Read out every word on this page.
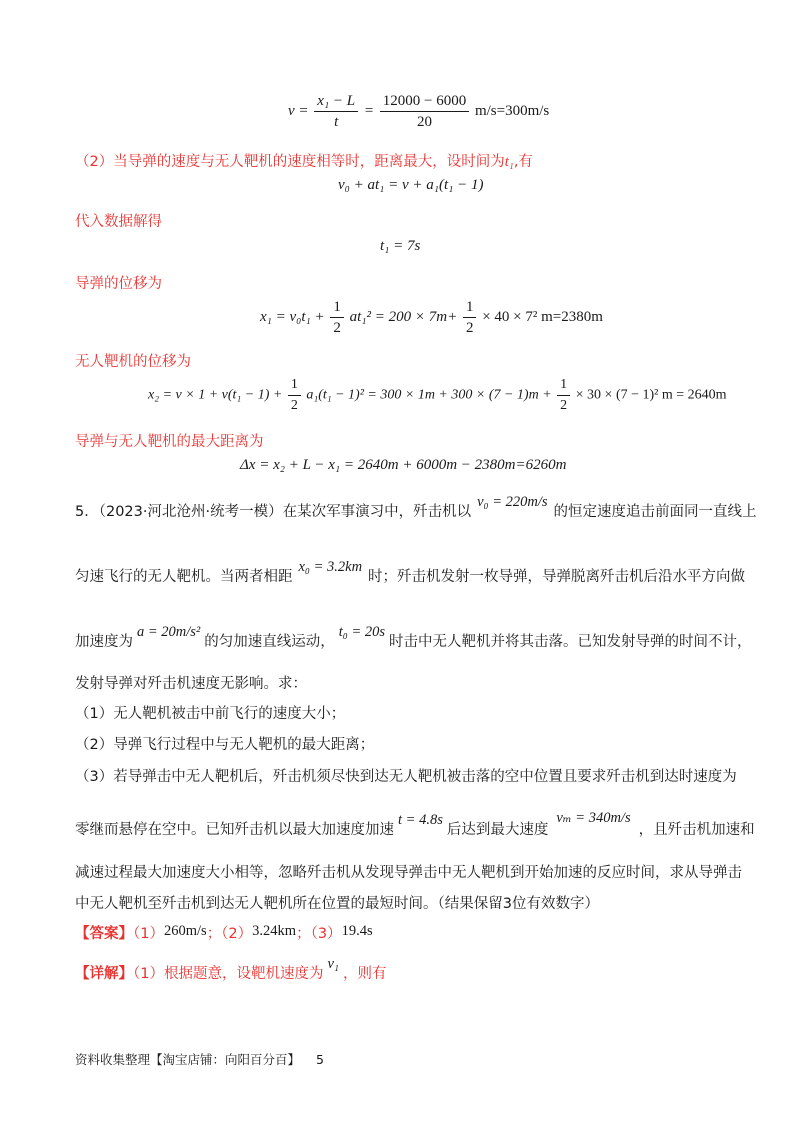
$v = \frac{\text{x₁ − L}}{t} = \frac{12000 - 6000}{20} m/s=300m/s$
（2）当导弹的速度与无人靶机的速度相等时，距离最大，设时间为t₁,有
v₀ + at₁ = v + a₁(t₁ − 1)
代入数据解得
t₁ = 7s
导弹的位移为
$x_1 = v_0t_1 + \frac{1}{2} at_1^2 = 200 \times 7m+ \frac{1}{2} \times 40 \times 7^2$ m=2380m
无人靶机的位移为
$x_2 = v \times 1 + v(t_1 - 1) + \frac{1}{2} a_1(t_1 - 1)^2 = 300 \times 1m + 300 \times (7 - 1)m + \frac{1}{2} \times 30 \times (7 - 1)^2$ m = 2640m
导弹与无人靶机的最大距离为
Δx = x₂ + L − x₁ = 2640m + 6000m − 2380m=6260m
5．（2023·河北沧州·统考一模）在某次军事演习中，歼击机以v₀ = 220m/s的恒定速度追击前面同一直线上
匀速飞行的无人靶机。当两者相距x₀ = 3.2km时；歼击机发射一枚导弹，导弹脱离歼击机后沿水平方向做
加速度为a = 20m/s²的匀加速直线运动，t₀ = 20s时击中无人靶机并将其击落。已知发射导弹的时间不计，
发射导弹对歼击机速度无影响。求：
（1）无人靶机被击中前飞行的速度大小；
（2）导弹飞行过程中与无人靶机的最大距离；
（3）若导弹击中无人靶机后，歼击机须尽快到达无人靶机被击落的空中位置且要求歼击机到达时速度为
零继而悬停在空中。已知歼击机以最大加速度加速t = 4.8s后达到最大速度vₘ = 340m/s，且歼击机加速和
减速过程最大加速度大小相等，忽略歼击机从发现导弹击中无人靶机到开始加速的反应时间，求从导弹击
中无人靶机至歼击机到达无人靶机所在位置的最短时间。（结果保留3位有效数字）
【答案】（1）260m/s；（2）3.24km；（3）19.4s
【详解】（1）根据题意，设靶机速度为v₁，则有
资料收集整理【淘宝店铺：向阳百分百】 5
